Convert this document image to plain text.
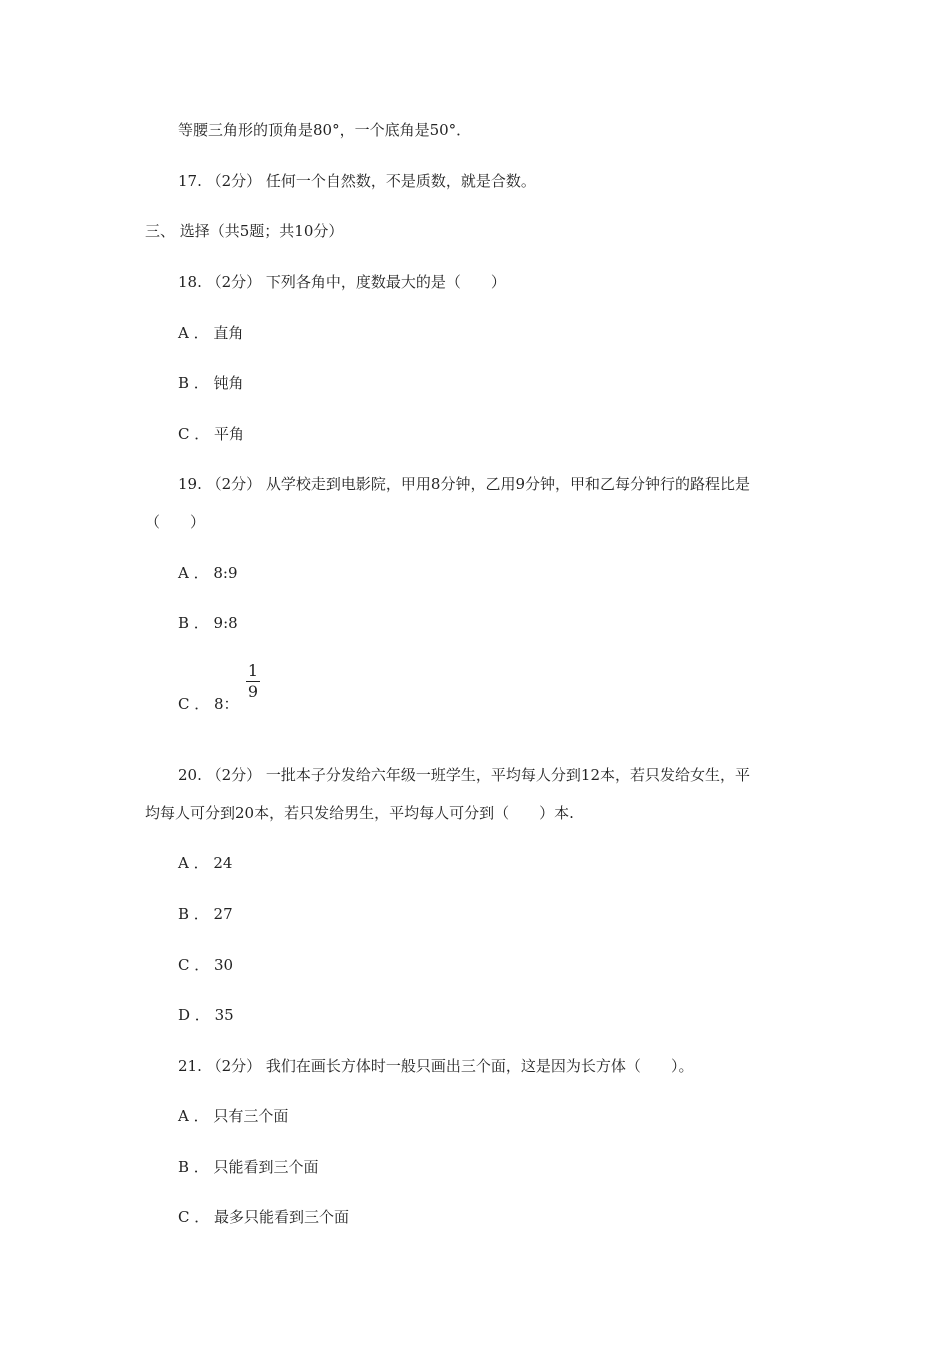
等腰三角形的顶角是80°，一个底角是50°．
17. （2分） 任何一个自然数，不是质数，就是合数。
三、 选择（共5题；共10分）
18. （2分） 下列各角中，度数最大的是（　　）
A ． 直角
B ． 钝角
C ． 平角
19. （2分） 从学校走到电影院，甲用8分钟，乙用9分钟，甲和乙每分钟行的路程比是
（　　）
A ． 8:9
B ． 9:8
C ． 8：
1
9
20. （2分） 一批本子分发给六年级一班学生，平均每人分到12本，若只发给女生，平
均每人可分到20本，若只发给男生，平均每人可分到（　　）本.
A ． 24
B ． 27
C ． 30
D ． 35
21. （2分） 我们在画长方体时一般只画出三个面，这是因为长方体（　　）。
A ． 只有三个面
B ． 只能看到三个面
C ． 最多只能看到三个面
